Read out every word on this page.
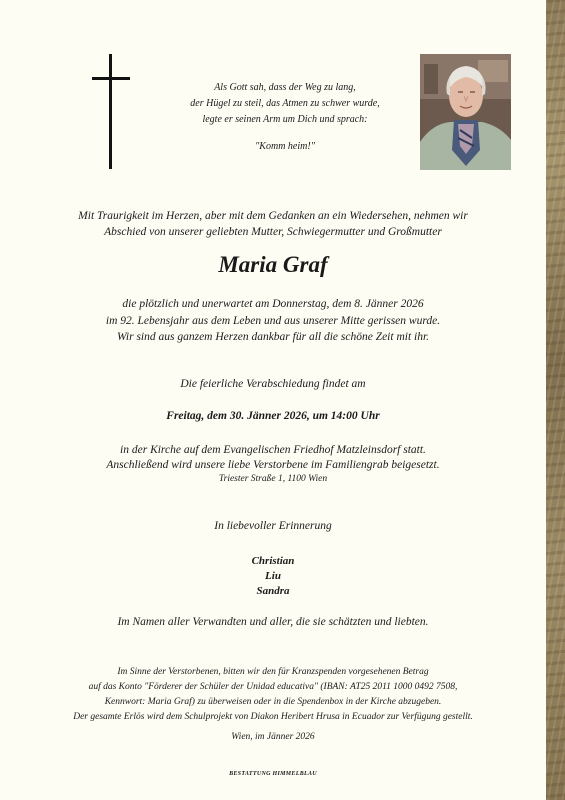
Als Gott sah, dass der Weg zu lang,
der Hügel zu steil, das Atmen zu schwer wurde,
legte er seinen Arm um Dich und sprach:
"Komm heim!"
Mit Traurigkeit im Herzen, aber mit dem Gedanken an ein Wiedersehen, nehmen wir
Abschied von unserer geliebten Mutter, Schwiegermutter und Großmutter
Maria Graf
die plötzlich und unerwartet am Donnerstag, dem 8. Jänner 2026
im 92. Lebensjahr aus dem Leben und aus unserer Mitte gerissen wurde.
Wir sind aus ganzem Herzen dankbar für all die schöne Zeit mit ihr.
Die feierliche Verabschiedung findet am
Freitag, dem 30. Jänner 2026, um 14:00 Uhr
in der Kirche auf dem Evangelischen Friedhof Matzleinsdorf statt.
Anschließend wird unsere liebe Verstorbene im Familiengrab beigesetzt.
Triester Straße 1, 1100 Wien
In liebevoller Erinnerung
Christian
Liu
Sandra
Im Namen aller Verwandten und aller, die sie schätzten und liebten.
Im Sinne der Verstorbenen, bitten wir den für Kranzspenden vorgesehenen Betrag
auf das Konto "Förderer der Schüler der Unidad educativa" (IBAN: AT25 2011 1000 0492 7508,
Kennwort: Maria Graf) zu überweisen oder in die Spendenbox in der Kirche abzugeben.
Der gesamte Erlös wird dem Schulprojekt von Diakon Heribert Hrusa in Ecuador zur Verfügung gestellt.
Wien, im Jänner 2026
BESTATTUNG HIMMELBLAU
